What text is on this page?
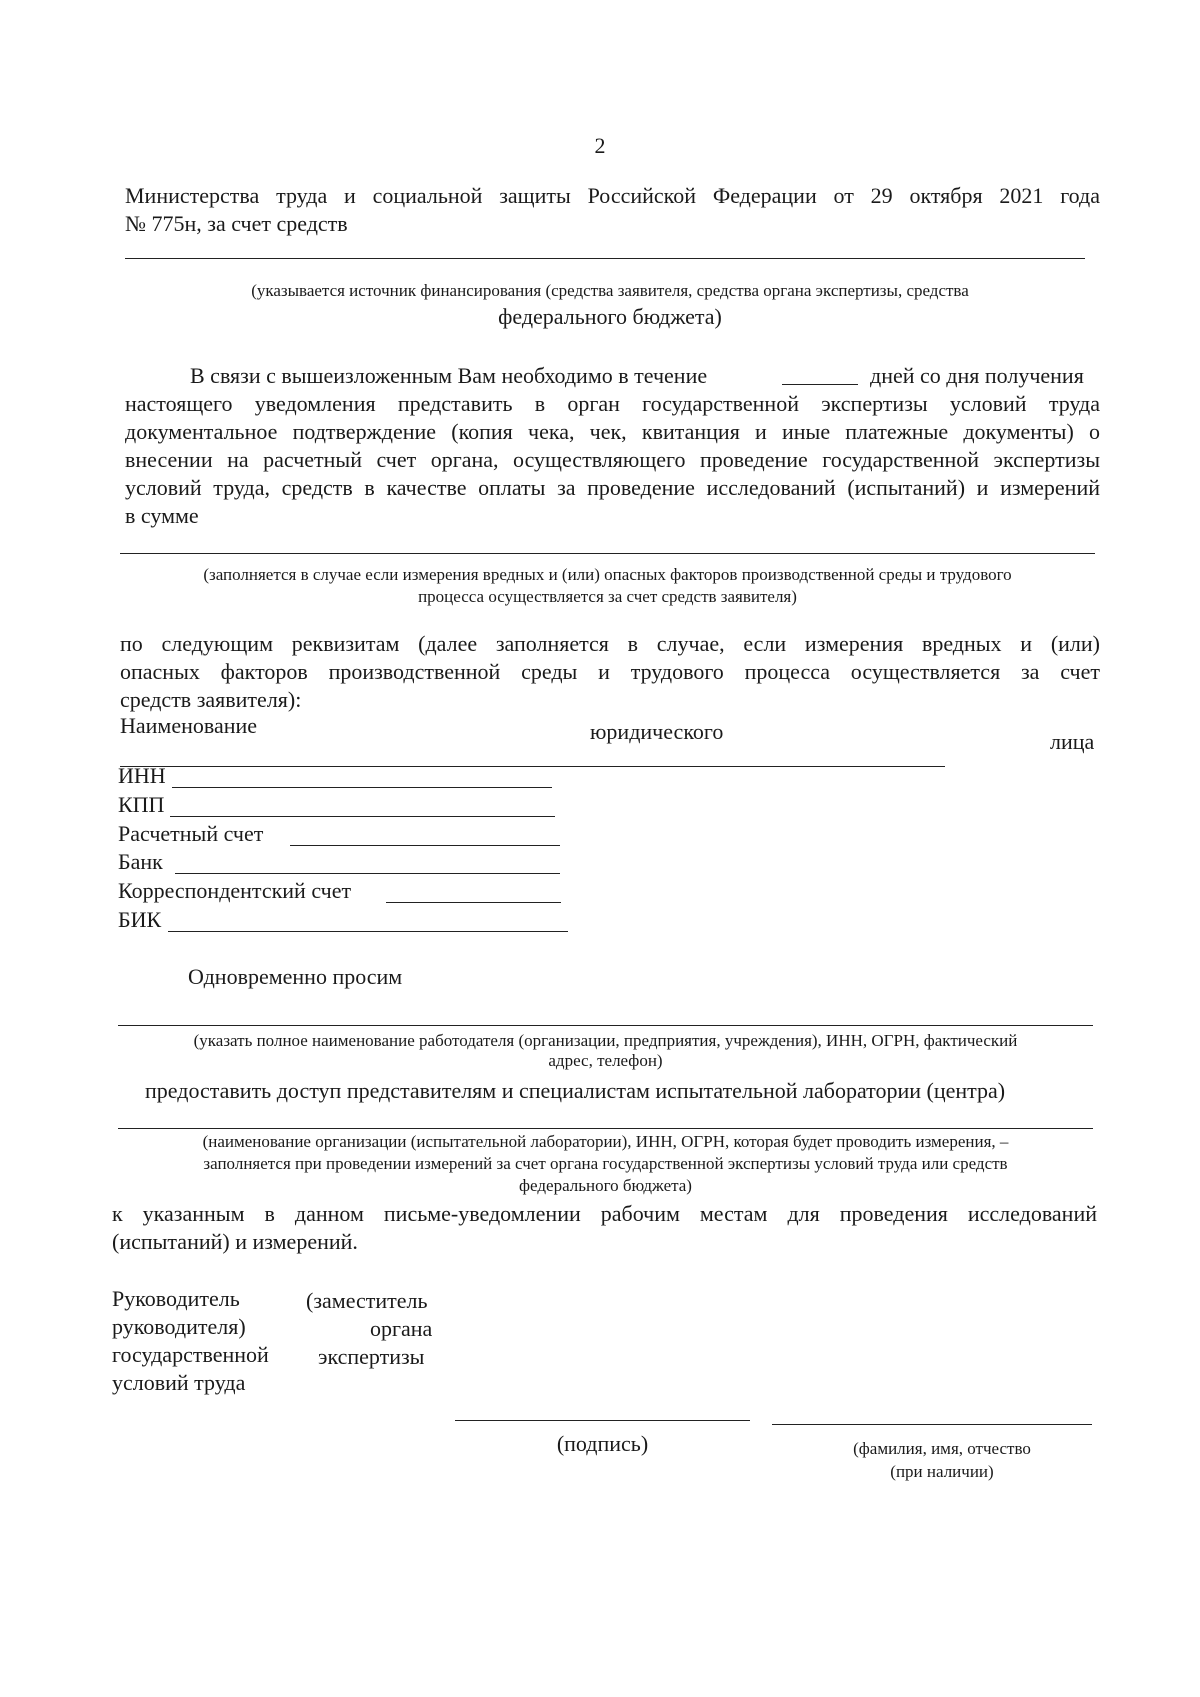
2
Министерства труда и социальной защиты Российской Федерации от 29 октября 2021 года
№ 775н, за счет средств
(указывается источник финансирования (средства заявителя, средства органа экспертизы, средства
федерального бюджета)
В связи с вышеизложенным Вам необходимо в течение	дней со дня получения
настоящего уведомления представить в орган государственной экспертизы условий труда
документальное подтверждение (копия чека, чек, квитанция и иные платежные документы) о
внесении на расчетный счет органа, осуществляющего проведение государственной экспертизы
условий труда, средств в качестве оплаты за проведение исследований (испытаний) и измерений
в сумме
(заполняется в случае если измерения вредных и (или) опасных факторов производственной среды и трудового
процесса осуществляется за счет средств заявителя)
по следующим реквизитам (далее заполняется в случае, если измерения вредных и (или)
опасных факторов производственной среды и трудового процесса осуществляется за счет
средств заявителя):
Наименование	юридического	лица
ИНН
КПП
Расчетный счет
Банк
Корреспондентский счет
БИК
Одновременно просим
(указать полное наименование работодателя (организации, предприятия, учреждения), ИНН, ОГРН, фактический
адрес, телефон)
предоставить доступ представителям и специалистам испытательной лаборатории (центра)
(наименование организации (испытательной лаборатории), ИНН, ОГРН, которая будет проводить измерения, –
заполняется при проведении измерений за счет органа государственной экспертизы условий труда или средств
федерального бюджета)
к указанным в данном письме-уведомлении рабочим местам для проведения исследований
(испытаний) и измерений.
Руководитель	(заместитель
руководителя)	органа
государственной экспертизы
условий труда
(подпись)	(фамилия, имя, отчество
(при наличии)
